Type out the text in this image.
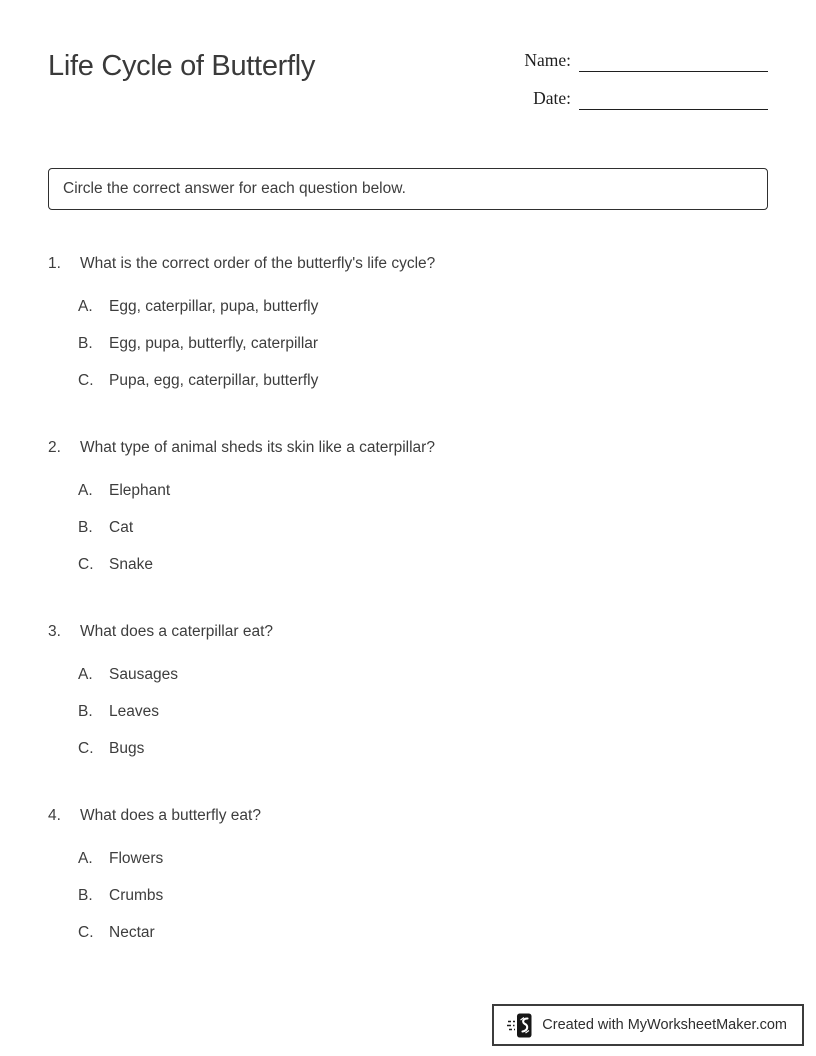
Life Cycle of Butterfly	Name:
Date:
Circle the correct answer for each question below.
1.	What is the correct order of the butterfly's life cycle?
A.	Egg, caterpillar, pupa, butterfly
B.	Egg, pupa, butterfly, caterpillar
C.	Pupa, egg, caterpillar, butterfly
2.	What type of animal sheds its skin like a caterpillar?
A.	Elephant
B.	Cat
C.	Snake
3.	What does a caterpillar eat?
A.	Sausages
B.	Leaves
C.	Bugs
4.	What does a butterfly eat?
A.	Flowers
B.	Crumbs
C.	Nectar
Created with MyWorksheetMaker.com
